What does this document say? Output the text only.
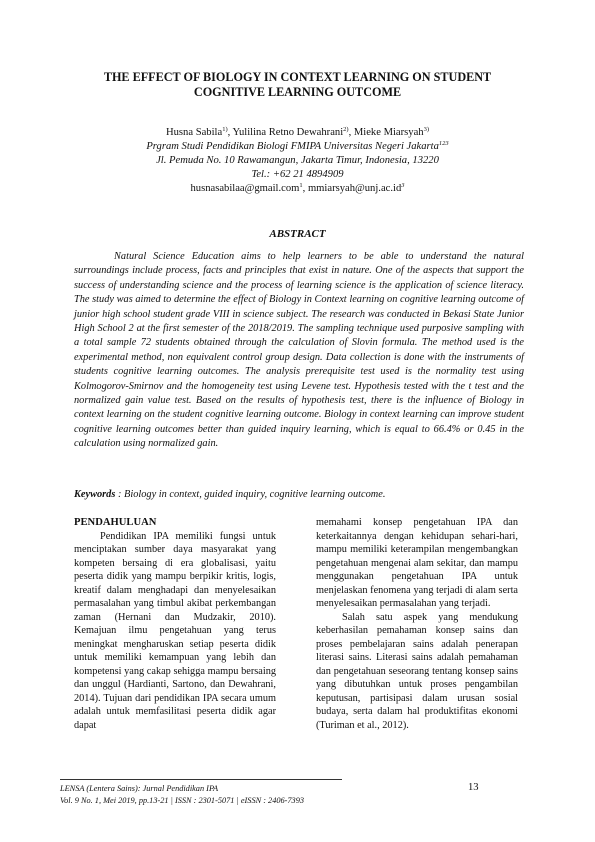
THE EFFECT OF BIOLOGY IN CONTEXT LEARNING ON STUDENT
COGNITIVE LEARNING OUTCOME
Husna Sabila$^{1)}$, Yulilina Retno Dewahrani$^{2)}$, Mieke Miarsyah$^{3)}$
Prgram Studi Pendidikan Biologi FMIPA Universitas Negeri Jakarta$^{123}$
Jl. Pemuda No. 10 Rawamangun, Jakarta Timur, Indonesia, 13220
Tel.: +62 21 4894909
husnasabilaa@gmail.com$^1$, $mmiarsyah@unj.ac.id^3$
ABSTRACT
Natural Science Education aims to help learners to be able to understand the natural surroundings include process, facts and principles that exist in nature. One of the aspects that support the success of understanding science and the process of learning science is the application of science literacy. The study was aimed to determine the effect of Biology in Context learning on cognitive learning outcome of junior high school student grade VIII in science subject. The research was conducted in Bekasi State Junior High School 2 at the first semester of the 2018/2019. The sampling technique used purposive sampling with a total sample 72 students obtained through the calculation of Slovin formula. The method used is the experimental method, non equivalent control group design. Data collection is done with the instruments of students cognitive learning outcomes. The analysis prerequisite test used is the normality test using Kolmogorov-Smirnov and the homogeneity test using Levene test. Hypothesis tested with the t test and the normalized gain value test. Based on the results of hypothesis test, there is the influence of Biology in context learning on the student cognitive learning outcome. Biology in context learning can improve student cognitive learning outcomes better than guided inquiry learning, which is equal to 66.4% or 0.45 in the calculation using normalized gain.
Keywords : Biology in context, guided inquiry, cognitive learning outcome.

PENDAHULUAN

Pendidikan IPA memiliki fungsi untuk menciptakan sumber daya masyarakat yang kompeten bersaing di era globalisasi, yaitu peserta didik yang mampu berpikir kritis, logis, kreatif dalam menghadapi dan menyelesaikan permasalahan yang timbul akibat perkembangan zaman (Hernani dan Mudzakir, 2010). Kemajuan ilmu pengetahuan yang terus meningkat mengharuskan setiap peserta didik untuk memiliki kemampuan yang lebih dan kompetensi yang cakap sehigga mampu bersaing dan unggul (Hardianti, Sartono, dan Dewahrani, 2014). Tujuan dari pendidikan IPA secara umum adalah untuk memfasilitasi peserta didik agar dapat

memahami konsep pengetahuan IPA dan keterkaitannya dengan kehidupan sehari-hari, mampu memiliki keterampilan mengembangkan pengetahuan mengenai alam sekitar, dan mampu menggunakan pengetahuan IPA untuk menjelaskan fenomena yang terjadi di alam serta menyelesaikan permasalahan yang terjadi.

Salah satu aspek yang mendukung keberhasilan pemahaman konsep sains dan proses pembelajaran sains adalah penerapan literasi sains. Literasi sains adalah pemahaman dan pengetahuan seseorang tentang konsep sains yang dibutuhkan untuk proses pengambilan keputusan, partisipasi dalam urusan sosial budaya, serta dalam hal produktifitas ekonomi (Turiman et al., 2012).

LENSA (Lentera Sains): Jurnal Pendidikan IPA
Vol. 9 No. 1, Mei 2019, pp.13-21 | ISSN : 2301-5071 | eISSN : 2406-7393
13
